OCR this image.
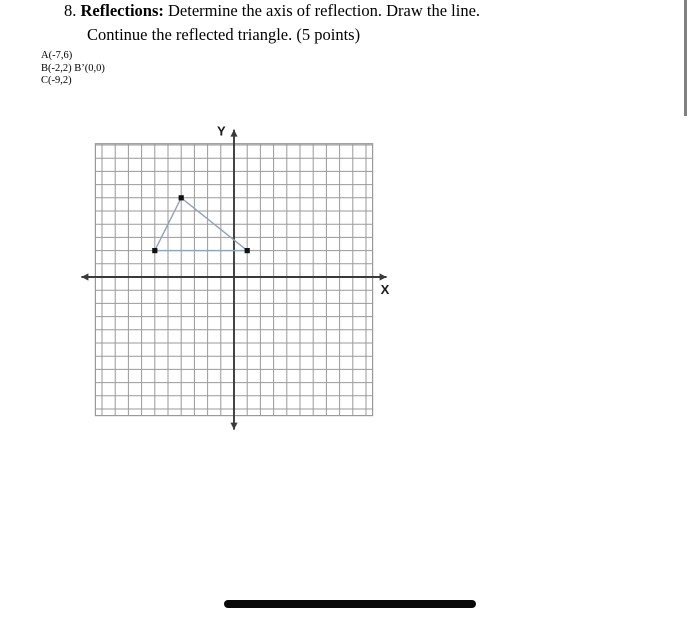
8. Reflections: Determine the axis of reflection. Draw the line.
Continue the reflected triangle. (5 points)
A(-7,6)
B(-2,2) B’(0,0)
C(-9,2)
Y
X
